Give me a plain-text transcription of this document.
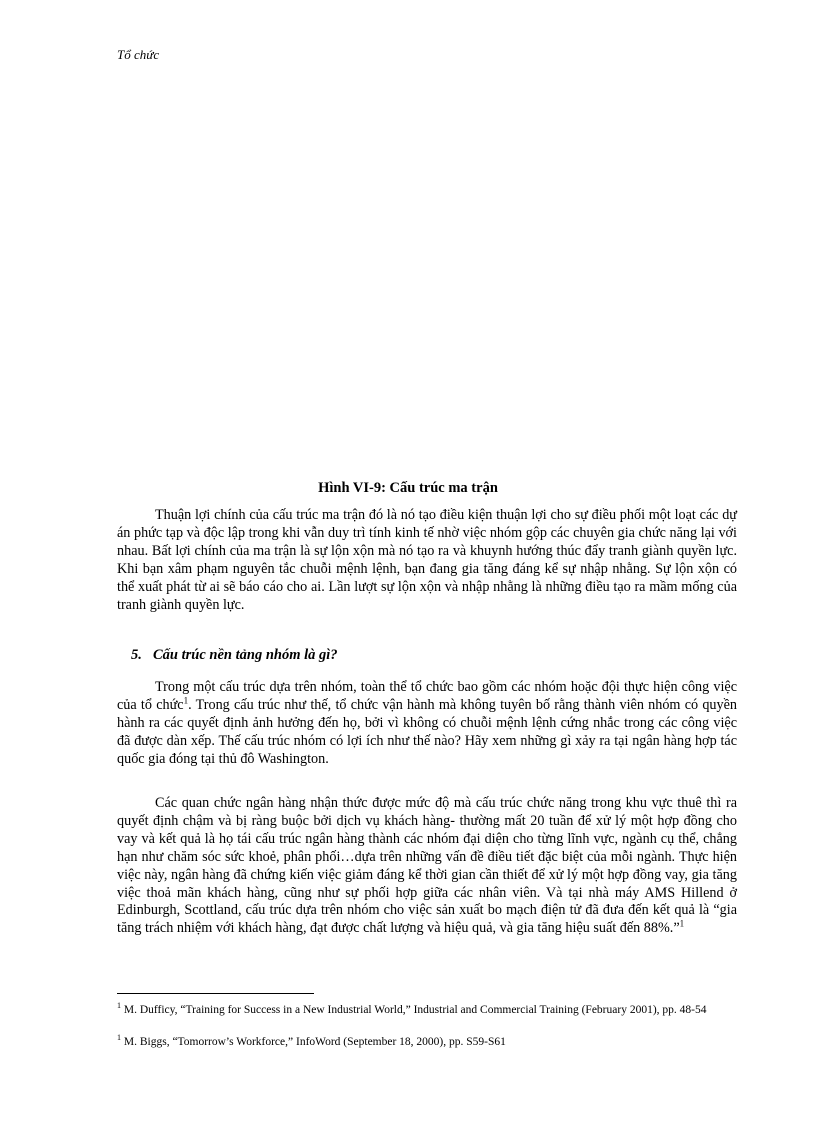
Tổ chức
Hình VI-9: Cấu trúc ma trận

Thuận lợi chính của cấu trúc ma trận đó là nó tạo điều kiện thuận lợi cho sự điều phối một loạt các dự án phức tạp và độc lập trong khi vẫn duy trì tính kinh tế nhờ việc nhóm gộp các chuyên gia chức năng lại với nhau. Bất lợi chính của ma trận là sự lộn xộn mà nó tạo ra và khuynh hướng thúc đẩy tranh giành quyền lực. Khi bạn xâm phạm nguyên tắc chuỗi mệnh lệnh, bạn đang gia tăng đáng kể sự nhập nhằng. Sự lộn xộn có thể xuất phát từ ai sẽ báo cáo cho ai. Lần lượt sự lộn xộn và nhập nhằng là những điều tạo ra mầm mống của tranh giành quyền lực.

5. Cấu trúc nền tảng nhóm là gì?

Trong một cấu trúc dựa trên nhóm, toàn thể tổ chức bao gồm các nhóm hoặc đội thực hiện công việc của tổ chức$^1$. Trong cấu trúc như thế, tổ chức vận hành mà không tuyên bố rằng thành viên nhóm có quyền hành ra các quyết định ảnh hưởng đến họ, bởi vì không có chuỗi mệnh lệnh cứng nhắc trong các công việc đã được dàn xếp. Thế cấu trúc nhóm có lợi ích như thế nào? Hãy xem những gì xảy ra tại ngân hàng hợp tác quốc gia đóng tại thủ đô Washington.

Các quan chức ngân hàng nhận thức được mức độ mà cấu trúc chức năng trong khu vực thuê thì ra quyết định chậm và bị ràng buộc bởi dịch vụ khách hàng- thường mất 20 tuần để xử lý một hợp đồng cho vay và kết quả là họ tái cấu trúc ngân hàng thành các nhóm đại diện cho từng lĩnh vực, ngành cụ thể, chẳng hạn như chăm sóc sức khoẻ, phân phối…dựa trên những vấn đề điều tiết đặc biệt của mỗi ngành. Thực hiện việc này, ngân hàng đã chứng kiến việc giảm đáng kể thời gian cần thiết để xử lý một hợp đồng vay, gia tăng việc thoả mãn khách hàng, cũng như sự phối hợp giữa các nhân viên. Và tại nhà máy AMS Hillend ở Edinburgh, Scottland, cấu trúc dựa trên nhóm cho việc sản xuất bo mạch điện tử đã đưa đến kết quả là “gia tăng trách nhiệm với khách hàng, đạt được chất lượng và hiệu quả, và gia tăng hiệu suất đến 88%.”$^1$

$^1$ M. Dufficy, “Training for Success in a New Industrial World,” Industrial and Commercial Training (February 2001), pp. 48-54

$^1$ M. Biggs, “Tomorrow’s Workforce,” InfoWord (September 18, 2000), pp. S59-S61
